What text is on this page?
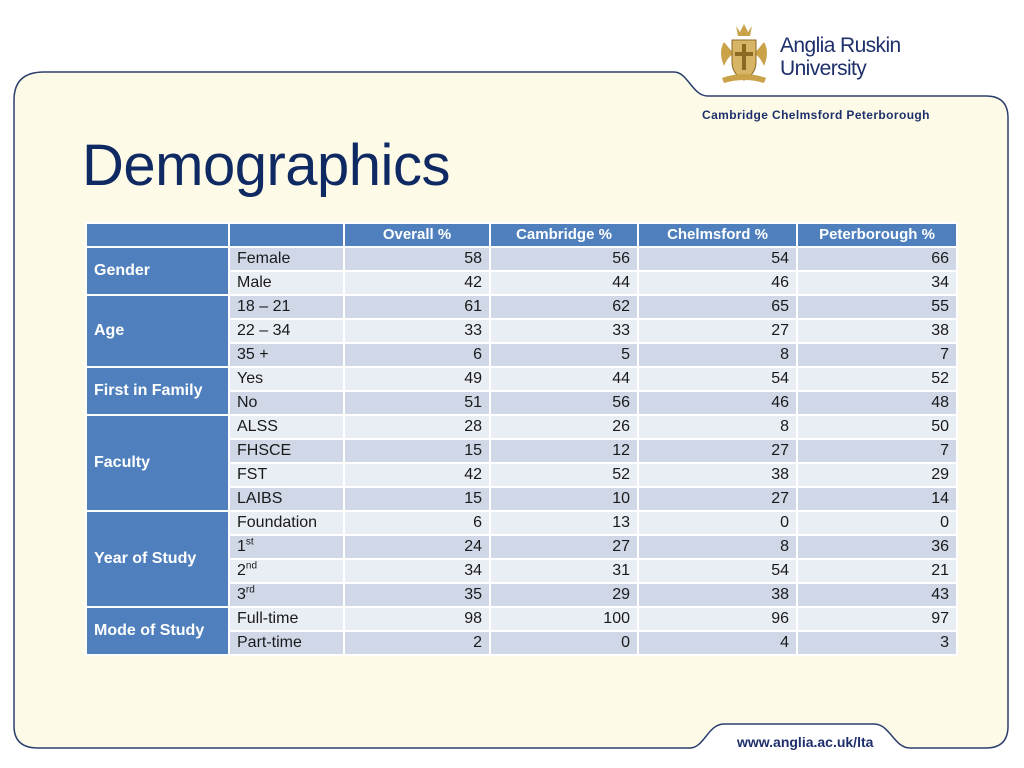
Anglia Ruskin
University
Cambridge Chelmsford Peterborough
Demographics
		Overall %	Cambridge %	Chelmsford %	Peterborough %
Gender	Female	58	56	54	66
	Male	42	44	46	34
Age	18 – 21	61	62	65	55
	22 – 34	33	33	27	38
	35 +	6	5	8	7
First in Family	Yes	49	44	54	52
	No	51	56	46	48
Faculty	ALSS	28	26	8	50
	FHSCE	15	12	27	7
	FST	42	52	38	29
	LAIBS	15	10	27	14
Year of Study	Foundation	6	13	0	0
	1st	24	27	8	36
	2nd	34	31	54	21
	3rd	35	29	38	43
Mode of Study	Full-time	98	100	96	97
	Part-time	2	0	4	3
www.anglia.ac.uk/lta
